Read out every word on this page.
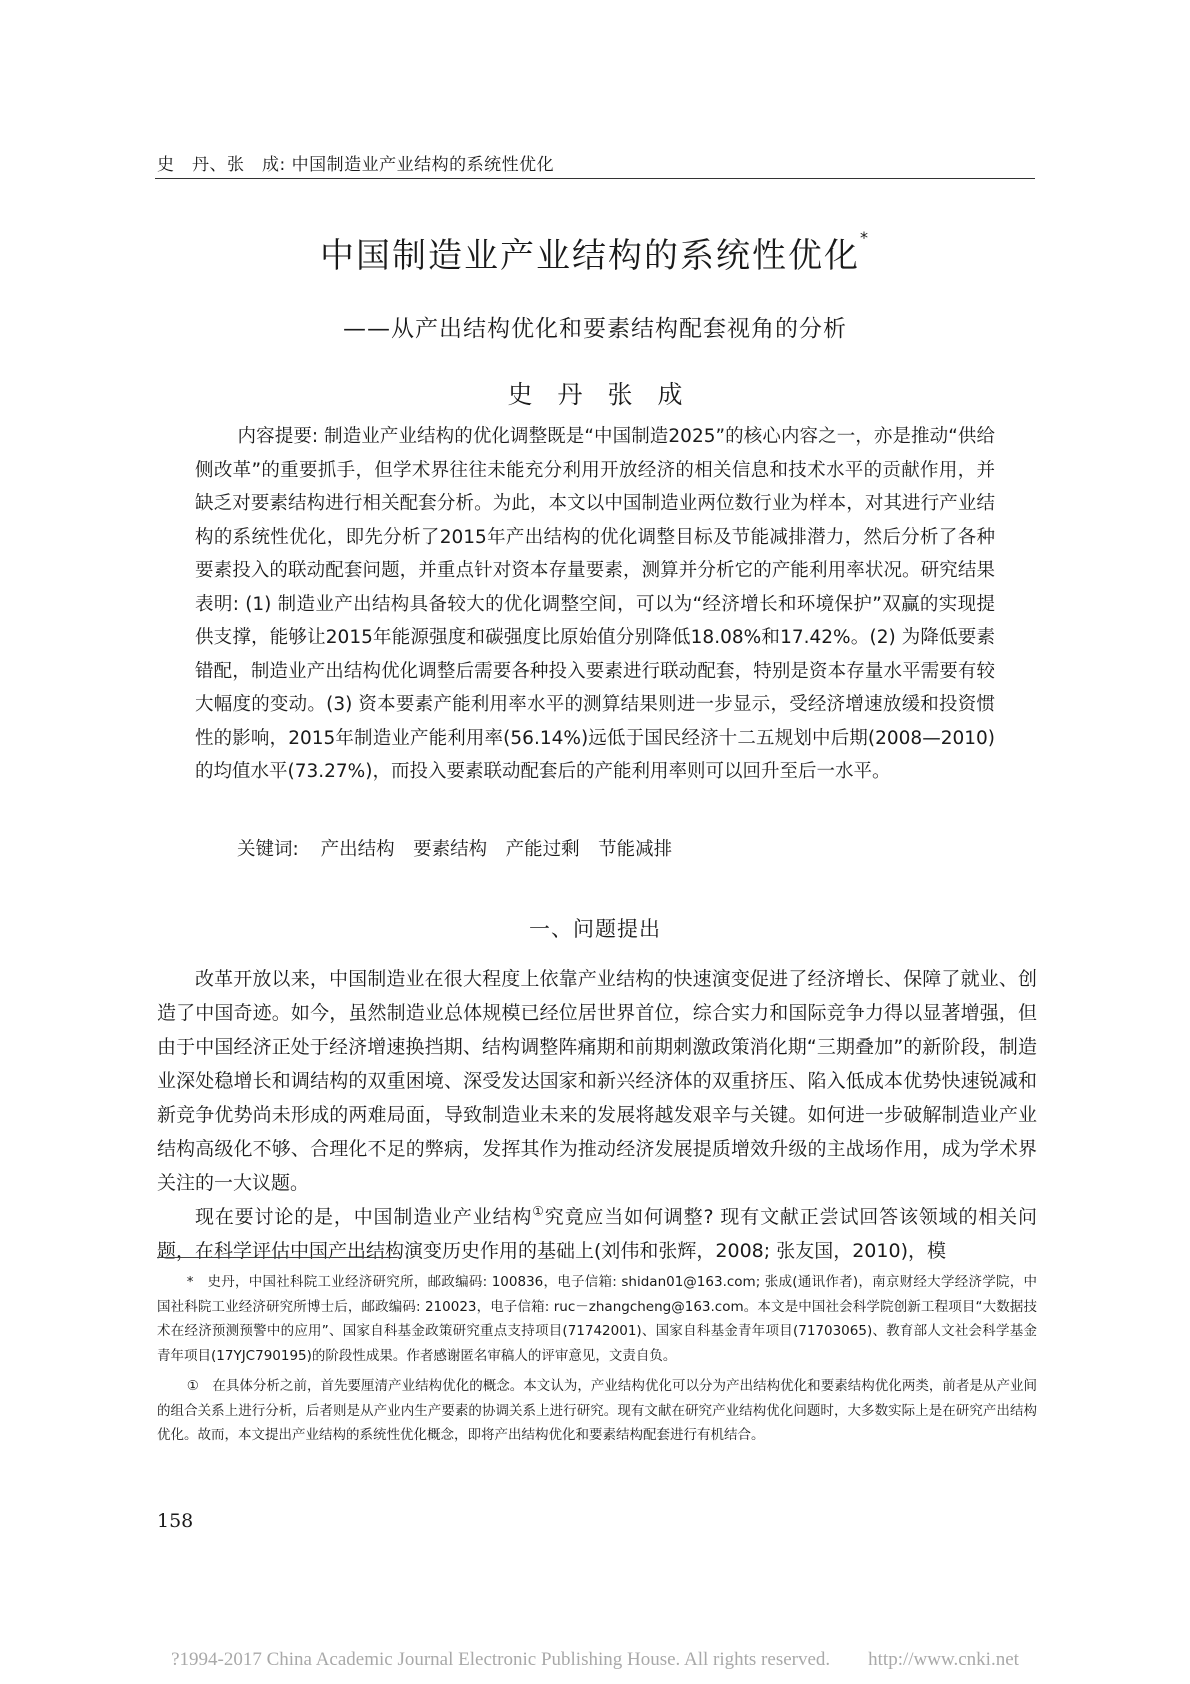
史　丹、张　成: 中国制造业产业结构的系统性优化
中国制造业产业结构的系统性优化*
——从产出结构优化和要素结构配套视角的分析
史　丹　张　成
内容提要: 制造业产业结构的优化调整既是“中国制造2025”的核心内容之一，亦是推动“供给侧改革”的重要抓手，但学术界往往未能充分利用开放经济的相关信息和技术水平的贡献作用，并缺乏对要素结构进行相关配套分析。为此，本文以中国制造业两位数行业为样本，对其进行产业结构的系统性优化，即先分析了2015年产出结构的优化调整目标及节能减排潜力，然后分析了各种要素投入的联动配套问题，并重点针对资本存量要素，测算并分析它的产能利用率状况。研究结果表明: (1) 制造业产出结构具备较大的优化调整空间，可以为“经济增长和环境保护”双赢的实现提供支撑，能够让2015年能源强度和碳强度比原始值分别降低18.08%和17.42%。(2) 为降低要素错配，制造业产出结构优化调整后需要各种投入要素进行联动配套，特别是资本存量水平需要有较大幅度的变动。(3) 资本要素产能利用率水平的测算结果则进一步显示，受经济增速放缓和投资惯性的影响，2015年制造业产能利用率(56.14%)远低于国民经济十二五规划中后期(2008—2010)的均值水平(73.27%)，而投入要素联动配套后的产能利用率则可以回升至后一水平。
关键词: 产出结构　要素结构　产能过剩　节能减排
一、问题提出

改革开放以来，中国制造业在很大程度上依靠产业结构的快速演变促进了经济增长、保障了就业、创造了中国奇迹。如今，虽然制造业总体规模已经位居世界首位，综合实力和国际竞争力得以显著增强，但由于中国经济正处于经济增速换挡期、结构调整阵痛期和前期刺激政策消化期“三期叠加”的新阶段，制造业深处稳增长和调结构的双重困境、深受发达国家和新兴经济体的双重挤压、陷入低成本优势快速锐减和新竞争优势尚未形成的两难局面，导致制造业未来的发展将越发艰辛与关键。如何进一步破解制造业产业结构高级化不够、合理化不足的弊病，发挥其作为推动经济发展提质增效升级的主战场作用，成为学术界关注的一大议题。

现在要讨论的是，中国制造业产业结构①究竟应当如何调整? 现有文献正尝试回答该领域的相关问题，在科学评估中国产出结构演变历史作用的基础上(刘伟和张辉，2008; 张友国，2010)，模

*　史丹，中国社科院工业经济研究所，邮政编码: 100836，电子信箱: shidan01@163.com; 张成(通讯作者)，南京财经大学经济学院，中国社科院工业经济研究所博士后，邮政编码: 210023，电子信箱: ruc－zhangcheng@163.com。本文是中国社会科学院创新工程项目“大数据技术在经济预测预警中的应用”、国家自科基金政策研究重点支持项目(71742001)、国家自科基金青年项目(71703065)、教育部人文社会科学基金青年项目(17YJC790195)的阶段性成果。作者感谢匿名审稿人的评审意见，文责自负。

①　在具体分析之前，首先要厘清产业结构优化的概念。本文认为，产业结构优化可以分为产出结构优化和要素结构优化两类，前者是从产业间的组合关系上进行分析，后者则是从产业内生产要素的协调关系上进行研究。现有文献在研究产业结构优化问题时，大多数实际上是在研究产出结构优化。故而，本文提出产业结构的系统性优化概念，即将产出结构优化和要素结构配套进行有机结合。

158
?1994-2017 China Academic Journal Electronic Publishing House. All rights reserved.　　http://www.cnki.net
